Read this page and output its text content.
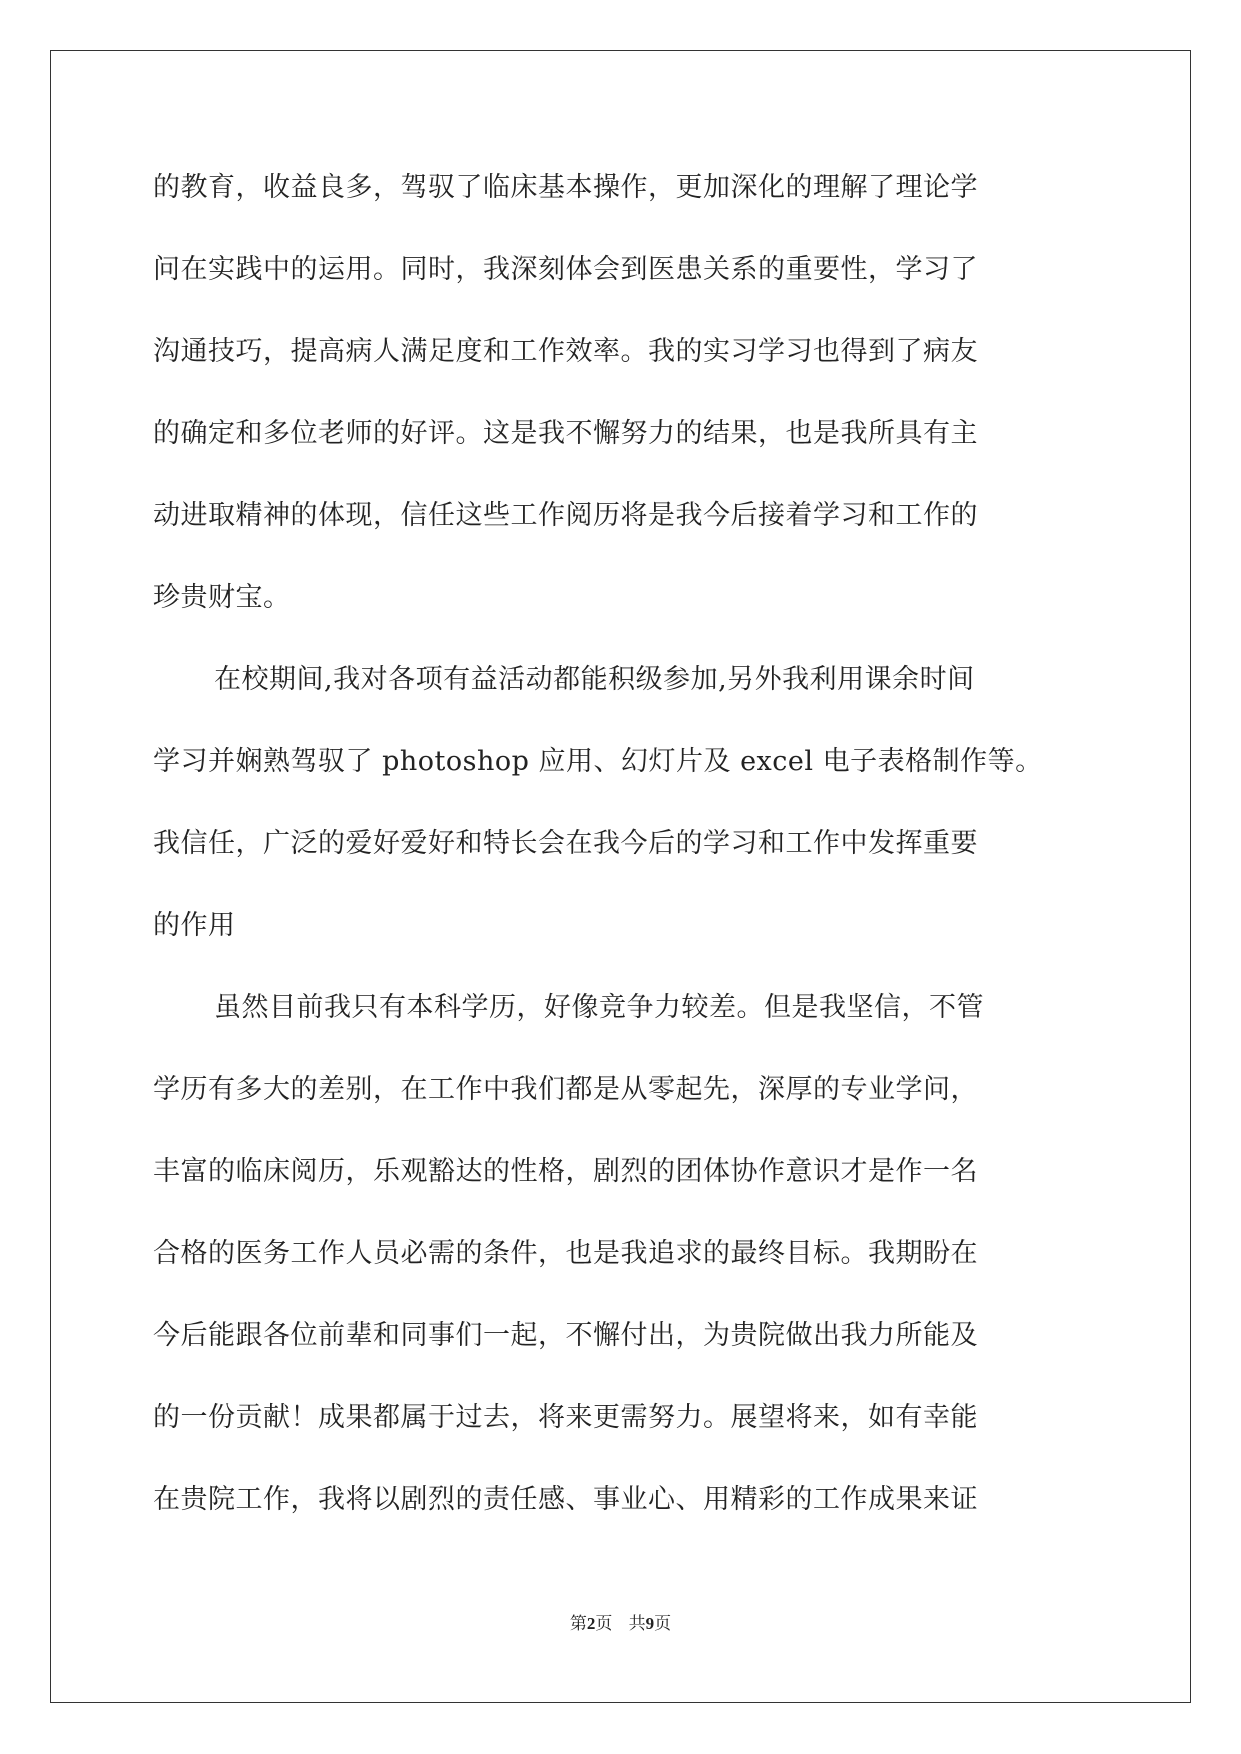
的教育，收益良多，驾驭了临床基本操作，更加深化的理解了理论学
问在实践中的运用。同时，我深刻体会到医患关系的重要性，学习了
沟通技巧，提高病人满足度和工作效率。我的实习学习也得到了病友
的确定和多位老师的好评。这是我不懈努力的结果，也是我所具有主
动进取精神的体现，信任这些工作阅历将是我今后接着学习和工作的
珍贵财宝。
在校期间,我对各项有益活动都能积级参加,另外我利用课余时间
学习并娴熟驾驭了 photoshop 应用、幻灯片及 excel 电子表格制作等。
我信任，广泛的爱好爱好和特长会在我今后的学习和工作中发挥重要
的作用
虽然目前我只有本科学历，好像竞争力较差。但是我坚信，不管
学历有多大的差别，在工作中我们都是从零起先，深厚的专业学问，
丰富的临床阅历，乐观豁达的性格，剧烈的团体协作意识才是作一名
合格的医务工作人员必需的条件，也是我追求的最终目标。我期盼在
今后能跟各位前辈和同事们一起，不懈付出，为贵院做出我力所能及
的一份贡献！成果都属于过去，将来更需努力。展望将来，如有幸能
在贵院工作，我将以剧烈的责任感、事业心、用精彩的工作成果来证
第2页 共9页
